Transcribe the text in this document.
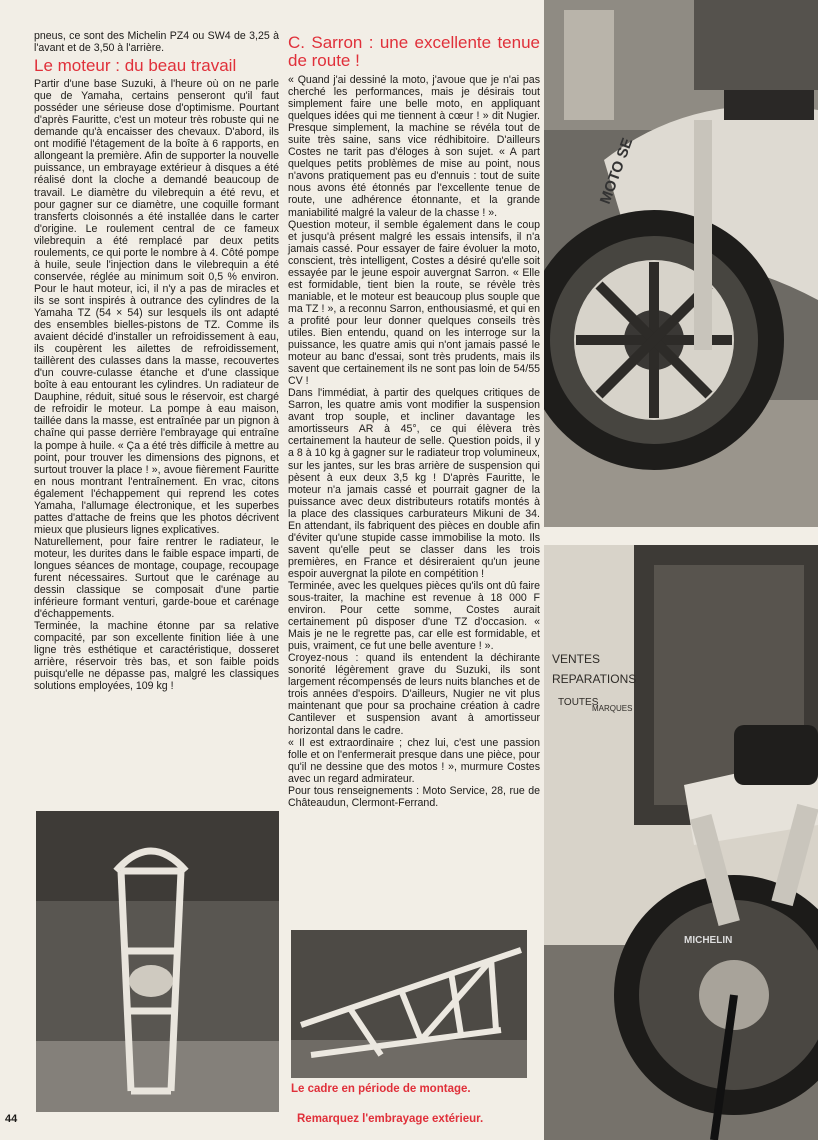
pneus, ce sont des Michelin PZ4 ou SW4 de 3,25 à l'avant et de 3,50 à l'arrière.

Le moteur : du beau travail

Partir d'une base Suzuki, à l'heure où on ne parle que de Yamaha, certains penseront qu'il faut posséder une sérieuse dose d'optimisme. Pourtant d'après Fauritte, c'est un moteur très robuste qui ne demande qu'à encaisser des chevaux. D'abord, ils ont modifié l'étagement de la boîte à 6 rapports, en allongeant la première. Afin de supporter la nouvelle puissance, un embrayage extérieur à disques a été réalisé dont la cloche a demandé beaucoup de travail. Le diamètre du vilebrequin a été revu, et pour gagner sur ce diamètre, une coquille formant transferts cloisonnés a été installée dans le carter d'origine. Le roulement central de ce fameux vilebrequin a été remplacé par deux petits roulements, ce qui porte le nombre à 4. Côté pompe à huile, seule l'injection dans le vilebrequin a été conservée, réglée au minimum soit 0,5 % environ. Pour le haut moteur, ici, il n'y a pas de miracles et ils se sont inspirés à outrance des cylindres de la Yamaha TZ (54 × 54) sur lesquels ils ont adapté des ensembles bielles-pistons de TZ. Comme ils avaient décidé d'installer un refroidissement à eau, ils coupèrent les ailettes de refroidissement, taillèrent des culasses dans la masse, recouvertes d'un couvre-culasse étanche et d'une classique boîte à eau entourant les cylindres. Un radiateur de Dauphine, réduit, situé sous le réservoir, est chargé de refroidir le moteur. La pompe à eau maison, taillée dans la masse, est entraînée par un pignon à chaîne qui passe derrière l'embrayage qui entraîne la pompe à huile. « Ça a été très difficile à mettre au point, pour trouver les dimensions des pignons, et surtout trouver la place ! », avoue fièrement Fauritte en nous montrant l'entraînement. En vrac, citons également l'échappement qui reprend les cotes Yamaha, l'allumage électronique, et les superbes pattes d'attache de freins que les photos décrivent mieux que plusieurs lignes explicatives.

Naturellement, pour faire rentrer le radiateur, le moteur, les durites dans le faible espace imparti, de longues séances de montage, coupage, recoupage furent nécessaires. Surtout que le carénage au dessin classique se composait d'une partie inférieure formant venturi, garde-boue et carénage d'échappements.

Terminée, la machine étonne par sa relative compacité, par son excellente finition liée à une ligne très esthétique et caractéristique, dosseret arrière, réservoir très bas, et son faible poids puisqu'elle ne dépasse pas, malgré les classiques solutions employées, 109 kg !

C. Sarron : une excellente tenue de route !

« Quand j'ai dessiné la moto, j'avoue que je n'ai pas cherché les performances, mais je désirais tout simplement faire une belle moto, en appliquant quelques idées qui me tiennent à cœur ! » dit Nugier. Presque simplement, la machine se révéla tout de suite très saine, sans vice rédhibitoire. D'ailleurs Costes ne tarit pas d'éloges à son sujet. « A part quelques petits problèmes de mise au point, nous n'avons pratiquement pas eu d'ennuis : tout de suite nous avons été étonnés par l'excellente tenue de route, une adhérence étonnante, et la grande maniabilité malgré la valeur de la chasse ! ».

Question moteur, il semble également dans le coup et jusqu'à présent malgré les essais intensifs, il n'a jamais cassé. Pour essayer de faire évoluer la moto, conscient, très intelligent, Costes a désiré qu'elle soit essayée par le jeune espoir auvergnat Sarron. « Elle est formidable, tient bien la route, se révèle très maniable, et le moteur est beaucoup plus souple que ma TZ ! », a reconnu Sarron, enthousiasmé, et qui en a profité pour leur donner quelques conseils très utiles. Bien entendu, quand on les interroge sur la puissance, les quatre amis qui n'ont jamais passé le moteur au banc d'essai, sont très prudents, mais ils savent que certainement ils ne sont pas loin de 54/55 CV !

Dans l'immédiat, à partir des quelques critiques de Sarron, les quatre amis vont modifier la suspension avant trop souple, et incliner davantage les amortisseurs AR à 45°, ce qui élèvera très certainement la hauteur de selle. Question poids, il y a 8 à 10 kg à gagner sur le radiateur trop volumineux, sur les jantes, sur les bras arrière de suspension qui pèsent à eux deux 3,5 kg ! D'après Fauritte, le moteur n'a jamais cassé et pourrait gagner de la puissance avec deux distributeurs rotatifs montés à la place des classiques carburateurs Mikuni de 34. En attendant, ils fabriquent des pièces en double afin d'éviter qu'une stupide casse immobilise la moto. Ils savent qu'elle peut se classer dans les trois premières, en France et désireraient qu'un jeune espoir auvergnat la pilote en compétition !

Terminée, avec les quelques pièces qu'ils ont dû faire sous-traiter, la machine est revenue à 18 000 F environ. Pour cette somme, Costes aurait certainement pû disposer d'une TZ d'occasion. « Mais je ne le regrette pas, car elle est formidable, et puis, vraiment, ce fut une belle aventure ! ».

Croyez-nous : quand ils entendent la déchirante sonorité légèrement grave du Suzuki, ils sont largement récompensés de leurs nuits blanches et de trois années d'espoirs. D'ailleurs, Nugier ne vit plus maintenant que pour sa prochaine création à cadre Cantilever et suspension avant à amortisseur horizontal dans le cadre.

« Il est extraordinaire ; chez lui, c'est une passion folle et on l'enfermerait presque dans une pièce, pour qu'il ne dessine que des motos ! », murmure Costes avec un regard admirateur.

Pour tous renseignements : Moto Service, 28, rue de Châteaudun, Clermont-Ferrand.

MOTO SE
VENTES
REPARATIONS
TOUTES
MARQUES
MICHELIN
Le cadre en période de montage.
Remarquez l'embrayage extérieur.
44
